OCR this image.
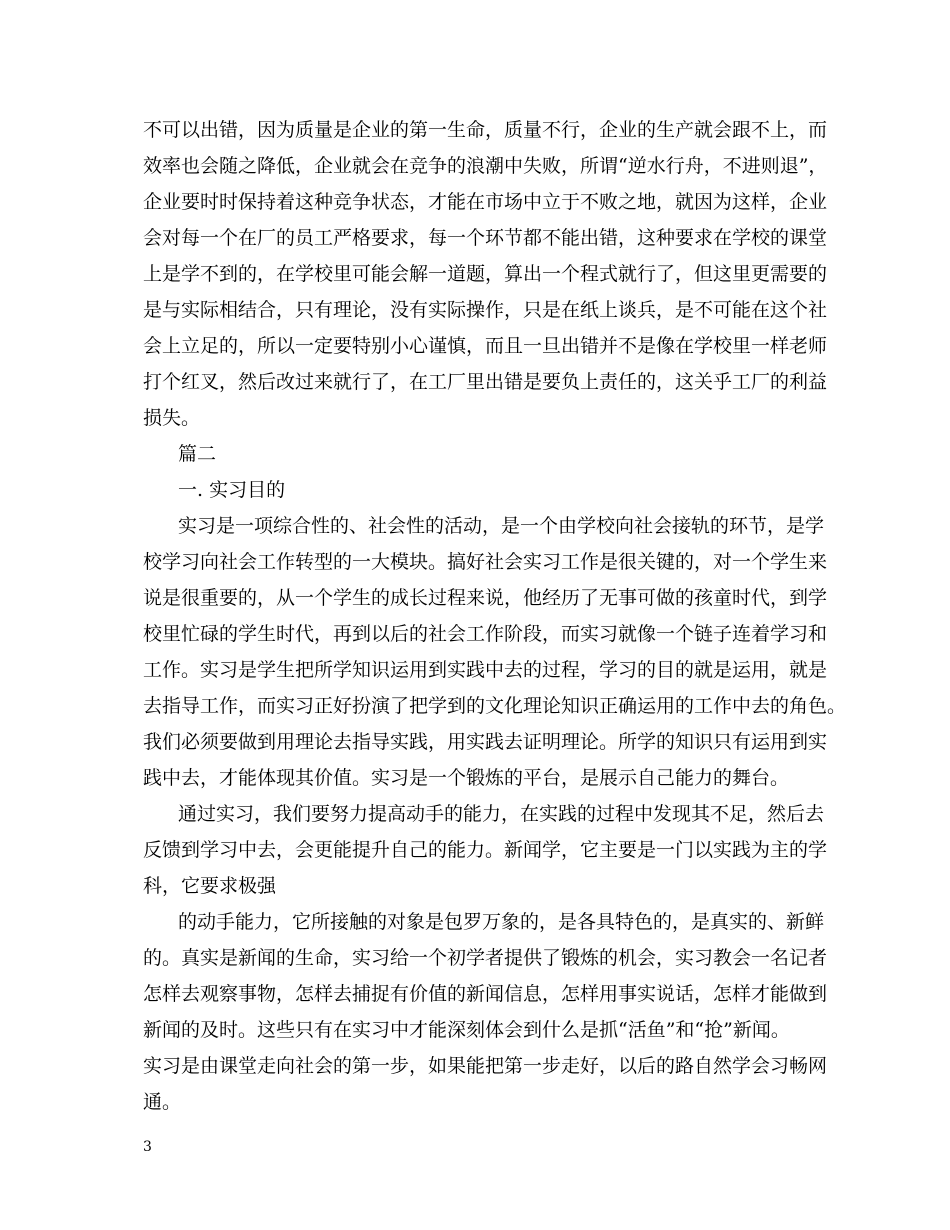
不可以出错，因为质量是企业的第一生命，质量不行，企业的生产就会跟不上，而
效率也会随之降低，企业就会在竞争的浪潮中失败，所谓“逆水行舟，不进则退”，
企业要时时保持着这种竞争状态，才能在市场中立于不败之地，就因为这样，企业
会对每一个在厂的员工严格要求，每一个环节都不能出错，这种要求在学校的课堂
上是学不到的，在学校里可能会解一道题，算出一个程式就行了，但这里更需要的
是与实际相结合，只有理论，没有实际操作，只是在纸上谈兵，是不可能在这个社
会上立足的，所以一定要特别小心谨慎，而且一旦出错并不是像在学校里一样老师
打个红叉，然后改过来就行了，在工厂里出错是要负上责任的，这关乎工厂的利益
损失。
篇二
一. 实习目的
实习是一项综合性的、社会性的活动，是一个由学校向社会接轨的环节，是学
校学习向社会工作转型的一大模块。搞好社会实习工作是很关键的，对一个学生来
说是很重要的，从一个学生的成长过程来说，他经历了无事可做的孩童时代，到学
校里忙碌的学生时代，再到以后的社会工作阶段，而实习就像一个链子连着学习和
工作。实习是学生把所学知识运用到实践中去的过程，学习的目的就是运用，就是
去指导工作，而实习正好扮演了把学到的文化理论知识正确运用的工作中去的角色。
我们必须要做到用理论去指导实践，用实践去证明理论。所学的知识只有运用到实
践中去，才能体现其价值。实习是一个锻炼的平台，是展示自己能力的舞台。
通过实习，我们要努力提高动手的能力，在实践的过程中发现其不足，然后去
反馈到学习中去，会更能提升自己的能力。新闻学，它主要是一门以实践为主的学
科，它要求极强
的动手能力，它所接触的对象是包罗万象的，是各具特色的，是真实的、新鲜
的。真实是新闻的生命，实习给一个初学者提供了锻炼的机会，实习教会一名记者
怎样去观察事物，怎样去捕捉有价值的新闻信息，怎样用事实说话，怎样才能做到
新闻的及时。这些只有在实习中才能深刻体会到什么是抓“活鱼”和“抢”新闻。
实习是由课堂走向社会的第一步，如果能把第一步走好，以后的路自然学会习畅网
通。
3
